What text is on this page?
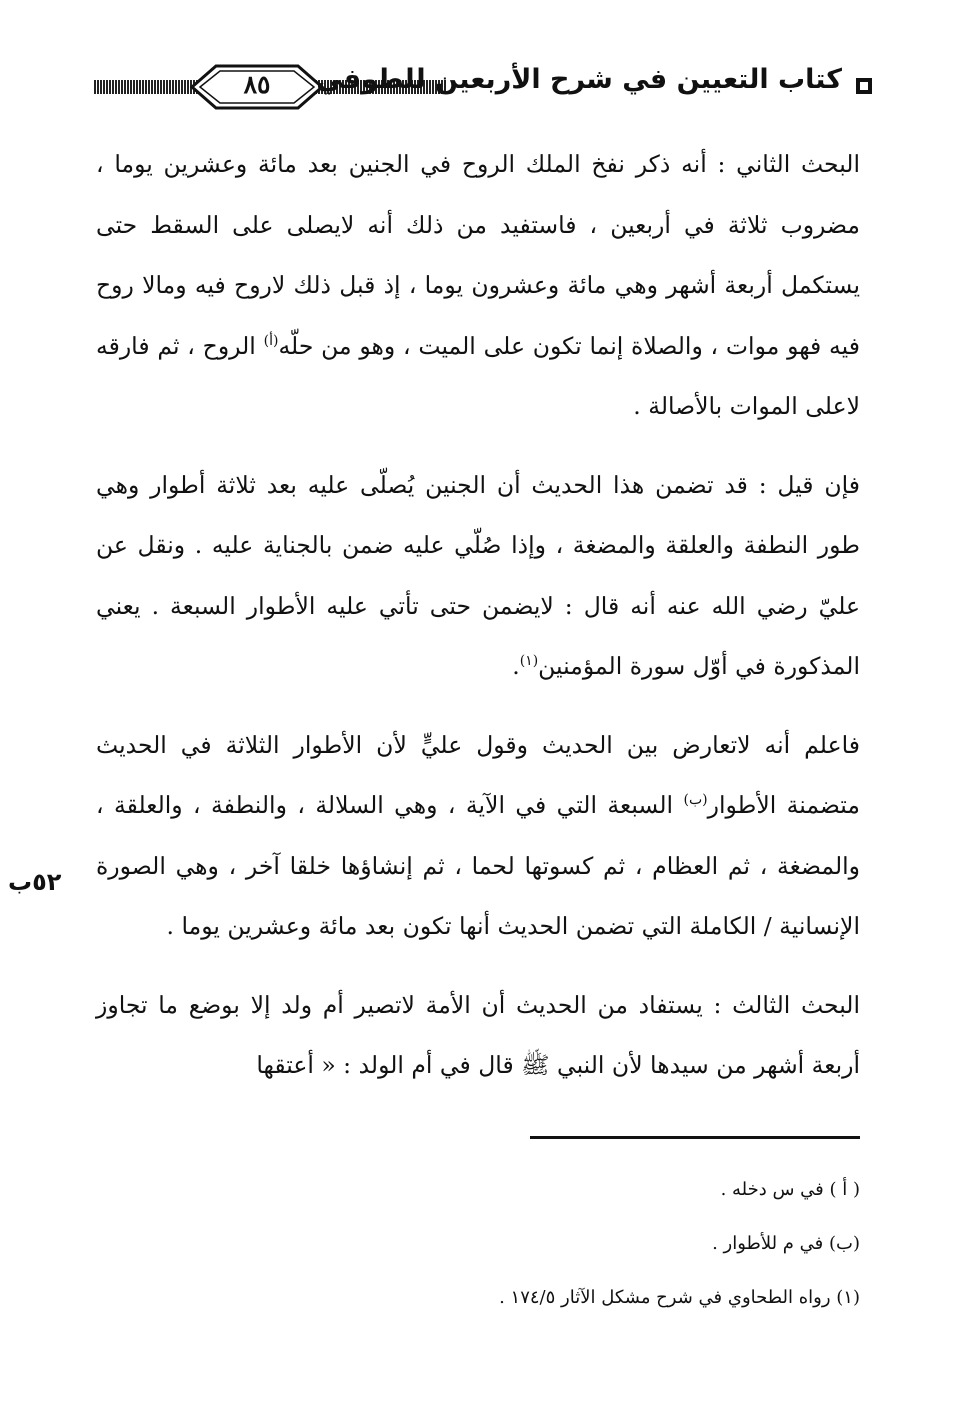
٨٥	كتاب التعيين في شرح الأربعين للطوفي

البحث الثاني : أنه ذكر نفخ الملك الروح في الجنين بعد مائة وعشرين يوما ، مضروب ثلاثة في أربعين ، فاستفيد من ذلك أنه لايصلى على السقط حتى يستكمل أربعة أشهر وهي مائة وعشرون يوما ، إذ قبل ذلك لاروح فيه ومالا روح فيه فهو موات ، والصلاة إنما تكون على الميت ، وهو من حلّه$^{(أ)}$ الروح ، ثم فارقه لاعلى الموات بالأصالة .

فإن قيل : قد تضمن هذا الحديث أن الجنين يُصلّى عليه بعد ثلاثة أطوار وهي طور النطفة والعلقة والمضغة ، وإذا صُلّي عليه ضمن بالجناية عليه . ونقل عن عليّ رضي الله عنه أنه قال : لايضمن حتى تأتي عليه الأطوار السبعة . يعني المذكورة في أوّل سورة المؤمنين$^{(١)}$.

فاعلم أنه لاتعارض بين الحديث وقول عليٍّ لأن الأطوار الثلاثة في الحديث متضمنة الأطوار$^{(ب)}$ السبعة التي في الآية ، وهي السلالة ، والنطفة ، والعلقة ، والمضغة ، ثم العظام ، ثم كسوتها لحما ، ثم إنشاؤها خلقا آخر ، وهي الصورة الإنسانية / الكاملة التي تضمن الحديث أنها تكون بعد مائة وعشرين يوما .

البحث الثالث : يستفاد من الحديث أن الأمة لاتصير أم ولد إلا بوضع ما تجاوز أربعة أشهر من سيدها لأن النبي ﷺ قال في أم الولد : « أعتقها

٥٢ب

( أ ) في س دخله .

(ب) في م للأطوار .

(١) رواه الطحاوي في شرح مشكل الآثار ١٧٤/٥ .
